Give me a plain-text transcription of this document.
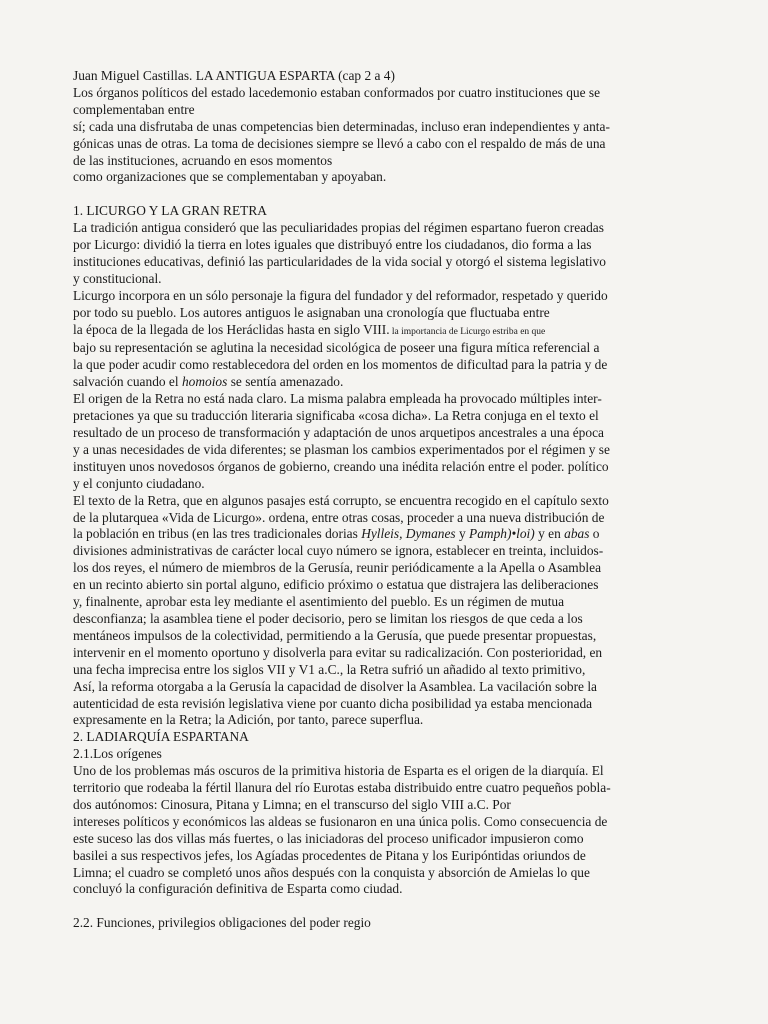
Juan Miguel Castillas. LA ANTIGUA ESPARTA (cap 2 a 4)
Los órganos políticos del estado lacedemonio estaban conformados por cuatro instituciones que se
complementaban entre
sí; cada una disfrutaba de unas competencias bien determinadas, incluso eran independientes y anta-
gónicas unas de otras. La toma de decisiones siempre se llevó a cabo con el respaldo de más de una
de las instituciones, acruando en esos momentos
como organizaciones que se complementaban y apoyaban.
1. LICURGO Y LA GRAN RETRA
La tradición antigua consideró que las peculiaridades propias del régimen espartano fueron creadas
por Licurgo: dividió la tierra en lotes iguales que distribuyó entre los ciudadanos, dio forma a las
instituciones educativas, definió las particularidades de la vida social y otorgó el sistema legislativo
y constitucional.
Licurgo incorpora en un sólo personaje la figura del fundador y del reformador, respetado y querido
por todo su pueblo. Los autores antiguos le asignaban una cronología que fluctuaba entre
la época de la llegada de los Heráclidas hasta en siglo VIII. la importancia de Licurgo estriba en que
bajo su representación se aglutina la necesidad sicológica de poseer una figura mítica referencial a
la que poder acudir como restablecedora del orden en los momentos de dificultad para la patria y de
salvación cuando el homoios se sentía amenazado.
El origen de la Retra no está nada claro. La misma palabra empleada ha provocado múltiples inter-
pretaciones ya que su traducción literaria significaba «cosa dicha». La Retra conjuga en el texto el
resultado de un proceso de transformación y adaptación de unos arquetipos ancestrales a una época
y a unas necesidades de vida diferentes; se plasman los cambios experimentados por el régimen y se
instituyen unos novedosos órganos de gobierno, creando una inédita relación entre el poder. político
y el conjunto ciudadano.
El texto de la Retra, que en algunos pasajes está corrupto, se encuentra recogido en el capítulo sexto
de la plutarquea «Vida de Licurgo». ordena, entre otras cosas, proceder a una nueva distribución de
la población en tribus (en las tres tradicionales dorias Hylleis, Dymanes y Pamph)•loi) y en abas o
divisiones administrativas de carácter local cuyo número se ignora, establecer en treinta, incluidos-
los dos reyes, el número de miembros de la Gerusía, reunir periódicamente a la Apella o Asamblea
en un recinto abierto sin portal alguno, edificio próximo o estatua que distrajera las deliberaciones
y, finalnente, aprobar esta ley mediante el asentimiento del pueblo. Es un régimen de mutua
desconfianza; la asamblea tiene el poder decisorio, pero se limitan los riesgos de que ceda a los
mentáneos impulsos de la colectividad, permitiendo a la Gerusía, que puede presentar propuestas,
intervenir en el momento oportuno y disolverla para evitar su radicalización. Con posterioridad, en
una fecha imprecisa entre los siglos VII y V1 a.C., la Retra sufrió un añadido al texto primitivo,
Así, la reforma otorgaba a la Gerusía la capacidad de disolver la Asamblea. La vacilación sobre la
autenticidad de esta revisión legislativa viene por cuanto dicha posibilidad ya estaba mencionada
expresamente en la Retra; la Adición, por tanto, parece superflua.
2. LADIARQUÍA ESPARTANA
2.1.Los orígenes
Uno de los problemas más oscuros de la primitiva historia de Esparta es el origen de la diarquía. El
territorio que rodeaba la fértil llanura del río Eurotas estaba distribuido entre cuatro pequeños pobla-
dos autónomos: Cinosura, Pitana y Limna; en el transcurso del siglo VIII a.C. Por
intereses políticos y económicos las aldeas se fusionaron en una única polis. Como consecuencia de
este suceso las dos villas más fuertes, o las iniciadoras del proceso unificador impusieron como
basilei a sus respectivos jefes, los Agíadas procedentes de Pitana y los Euripóntidas oriundos de
Limna; el cuadro se completó unos años después con la conquista y absorción de Amielas lo que
concluyó la configuración definitiva de Esparta como ciudad.
2.2. Funciones, privilegios obligaciones del poder regio
